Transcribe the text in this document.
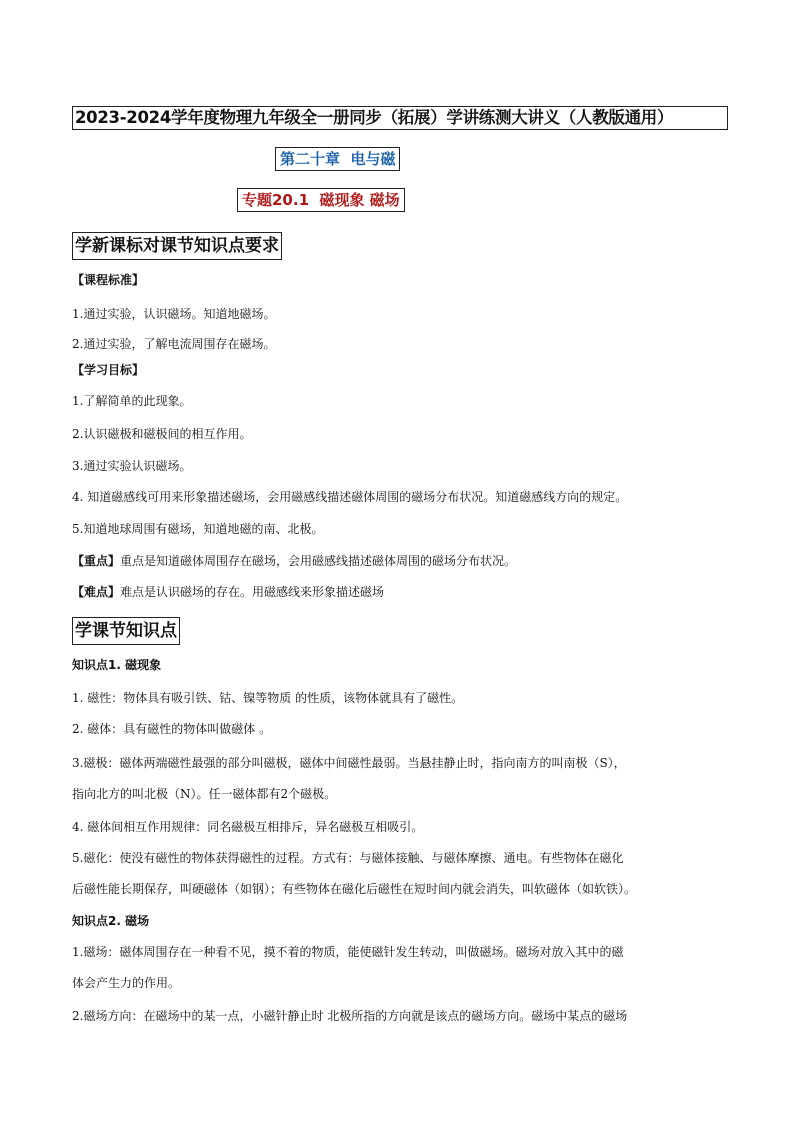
2023-2024学年度物理九年级全一册同步（拓展）学讲练测大讲义（人教版通用）
第二十章  电与磁
专题20.1  磁现象 磁场
学新课标对课节知识点要求
【课程标准】
1.通过实验，认识磁场。知道地磁场。
2.通过实验，了解电流周围存在磁场。
【学习目标】
1.了解简单的此现象。
2.认识磁极和磁极间的相互作用。
3.通过实验认识磁场。
4. 知道磁感线可用来形象描述磁场，会用磁感线描述磁体周围的磁场分布状况。知道磁感线方向的规定。
5.知道地球周围有磁场，知道地磁的南、北极。
【重点】重点是知道磁体周围存在磁场，会用磁感线描述磁体周围的磁场分布状况。
【难点】难点是认识磁场的存在。用磁感线来形象描述磁场
学课节知识点
知识点1. 磁现象
1. 磁性：物体具有吸引铁、钴、镍等物质 的性质，该物体就具有了磁性。
2. 磁体：具有磁性的物体叫做磁体 。
3.磁极：磁体两端磁性最强的部分叫磁极，磁体中间磁性最弱。当悬挂静止时，指向南方的叫南极（S），
指向北方的叫北极（N）。任一磁体都有2个磁极。
4. 磁体间相互作用规律：同名磁极互相排斥，异名磁极互相吸引。
5.磁化：使没有磁性的物体获得磁性的过程。方式有：与磁体接触、与磁体摩擦、通电。有些物体在磁化
后磁性能长期保存，叫硬磁体（如钢）；有些物体在磁化后磁性在短时间内就会消失，叫软磁体（如软铁）。
知识点2. 磁场
1.磁场：磁体周围存在一种看不见，摸不着的物质，能使磁针发生转动，叫做磁场。磁场对放入其中的磁
体会产生力的作用。
2.磁场方向：在磁场中的某一点，小磁针静止时 北极所指的方向就是该点的磁场方向。磁场中某点的磁场
